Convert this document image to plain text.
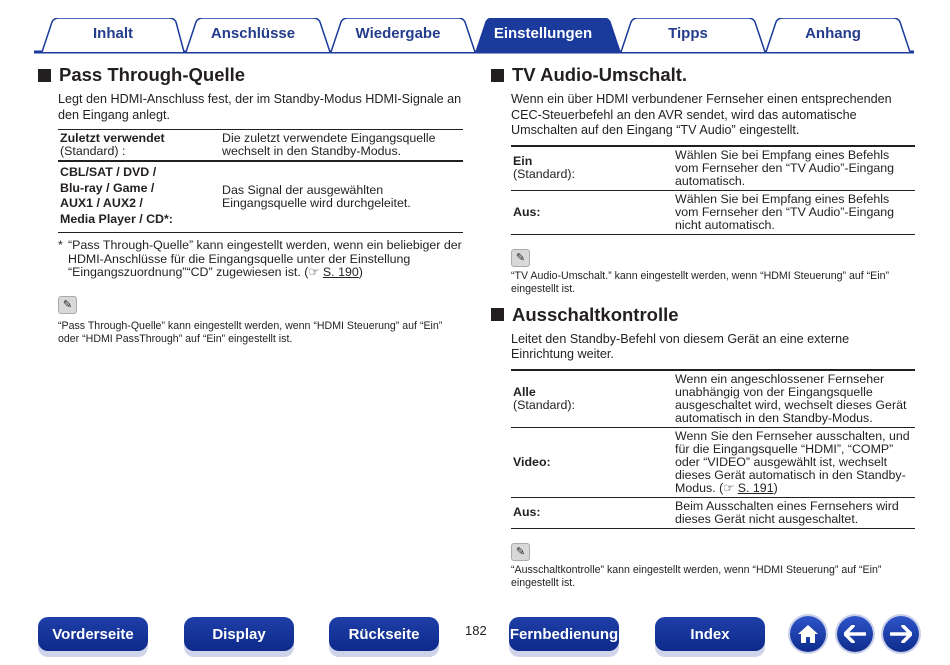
Inhalt	Anschlüsse	Wiedergabe	Einstellungen	Tipps	Anhang
Pass Through-Quelle

Legt den HDMI-Anschluss fest, der im Standby-Modus HDMI-Signale an den Eingang anlegt.

Zuletzt verwendet
(Standard) :	Die zuletzt verwendete Eingangsquelle wechselt in den Standby-Modus.

CBL/SAT / DVD /
Blu-ray / Game /
AUX1 / AUX2 /
Media Player / CD*:	Das Signal der ausgewählten Eingangsquelle wird durchgeleitet.
* “Pass Through-Quelle” kann eingestellt werden, wenn ein beliebiger der HDMI-Anschlüsse für die Eingangsquelle unter der Einstellung “Eingangszuordnung”“CD” zugewiesen ist. (☞ S. 190)
✎
“Pass Through-Quelle” kann eingestellt werden, wenn “HDMI Steuerung” auf “Ein” oder “HDMI PassThrough” auf “Ein” eingestellt ist.
TV Audio-Umschalt.

Wenn ein über HDMI verbundener Fernseher einen entsprechenden CEC-Steuerbefehl an den AVR sendet, wird das automatische Umschalten auf den Eingang “TV Audio” eingestellt.

Ein
(Standard):	Wählen Sie bei Empfang eines Befehls vom Fernseher den “TV Audio”-Eingang automatisch.
Aus:	Wählen Sie bei Empfang eines Befehls vom Fernseher den “TV Audio”-Eingang nicht automatisch.
✎
“TV Audio-Umschalt.” kann eingestellt werden, wenn “HDMI Steuerung” auf “Ein” eingestellt ist.
Ausschaltkontrolle

Leitet den Standby-Befehl von diesem Gerät an eine externe Einrichtung weiter.

Alle
(Standard):	Wenn ein angeschlossener Fernseher unabhängig von der Eingangsquelle ausgeschaltet wird, wechselt dieses Gerät automatisch in den Standby-Modus.
Video:	Wenn Sie den Fernseher ausschalten, und für die Eingangsquelle “HDMI”, “COMP” oder “VIDEO” ausgewählt ist, wechselt dieses Gerät automatisch in den Standby-Modus. (☞ S. 191)
Aus:	Beim Ausschalten eines Fernsehers wird dieses Gerät nicht ausgeschaltet.
✎
“Ausschaltkontrolle” kann eingestellt werden, wenn “HDMI Steuerung” auf “Ein” eingestellt ist.
182
Vorderseite	Display	Rückseite	Fernbedienung	Index
